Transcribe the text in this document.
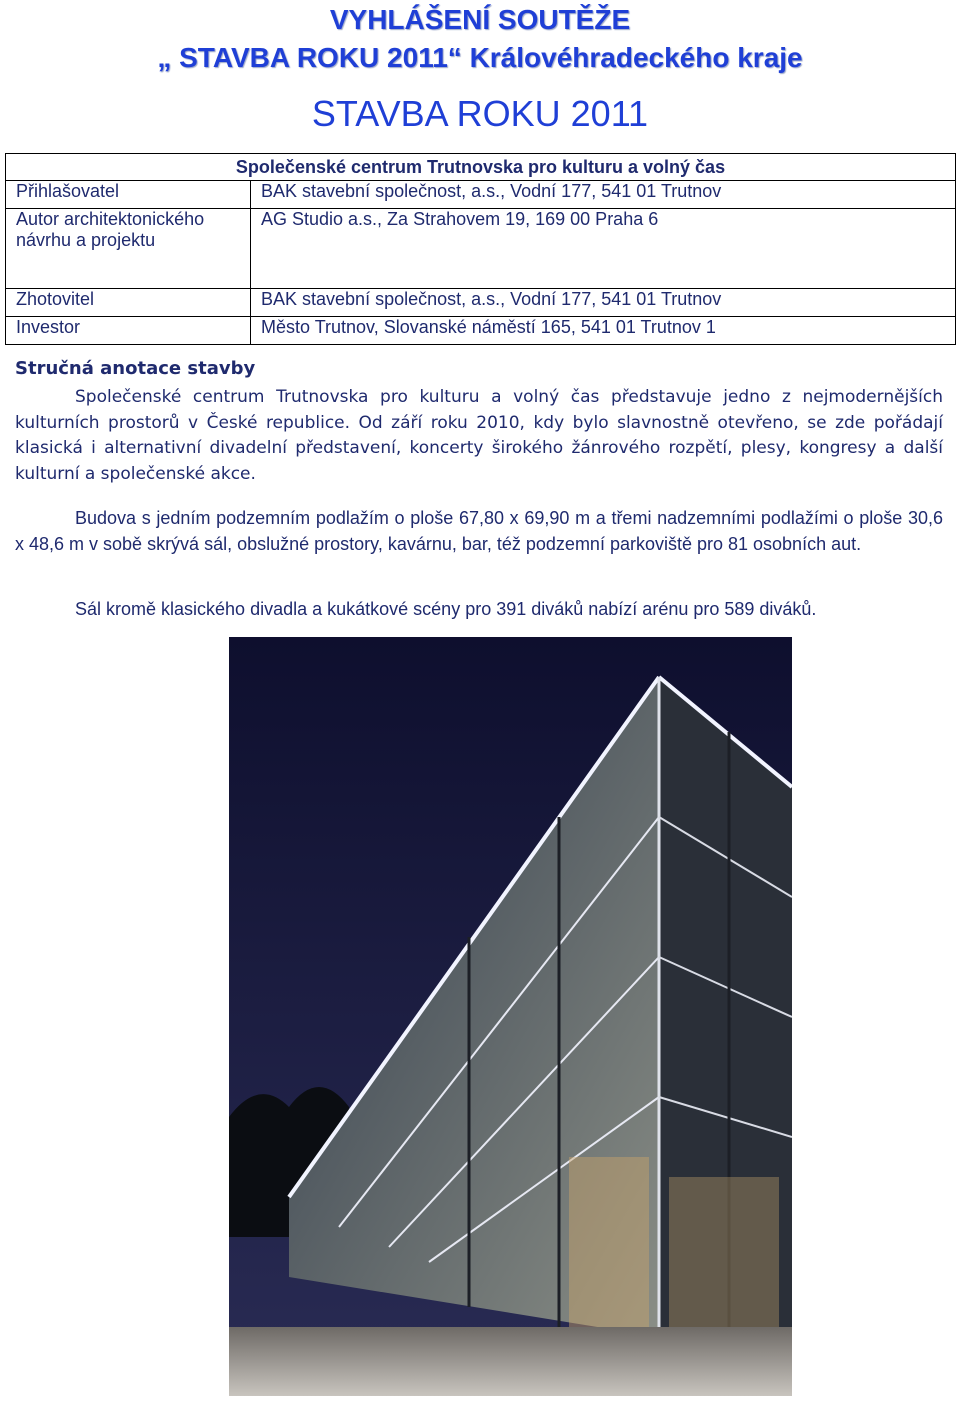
VYHLÁŠENÍ SOUTĚŽE
„ STAVBA ROKU 2011“ Královéhradeckého kraje
STAVBA ROKU 2011
Společenské centrum Trutnovska pro kulturu a volný čas	
Přihlašovatel	BAK stavební společnost, a.s., Vodní 177, 541 01 Trutnov
Autor architektonického návrhu a projektu	AG Studio a.s., Za Strahovem 19, 169 00 Praha 6
Zhotovitel	BAK stavební společnost, a.s., Vodní 177, 541 01 Trutnov
Investor	Město Trutnov, Slovanské náměstí 165, 541 01 Trutnov 1
Stručná anotace stavby
Společenské centrum Trutnovska pro kulturu a volný čas představuje jedno z nejmodernějších kulturních prostorů v České republice. Od září roku 2010, kdy bylo slavnostně otevřeno, se zde pořádají klasická i alternativní divadelní představení, koncerty širokého žánrového rozpětí, plesy, kongresy a další kulturní a společenské akce.
Budova s jedním podzemním podlažím o ploše 67,80 x 69,90 m a třemi nadzemními podlažími o ploše 30,6 x 48,6 m v sobě skrývá sál, obslužné prostory, kavárnu, bar, též podzemní parkoviště pro 81 osobních aut.
Sál kromě klasického divadla a kukátkové scény pro 391 diváků nabízí arénu pro 589 diváků.
